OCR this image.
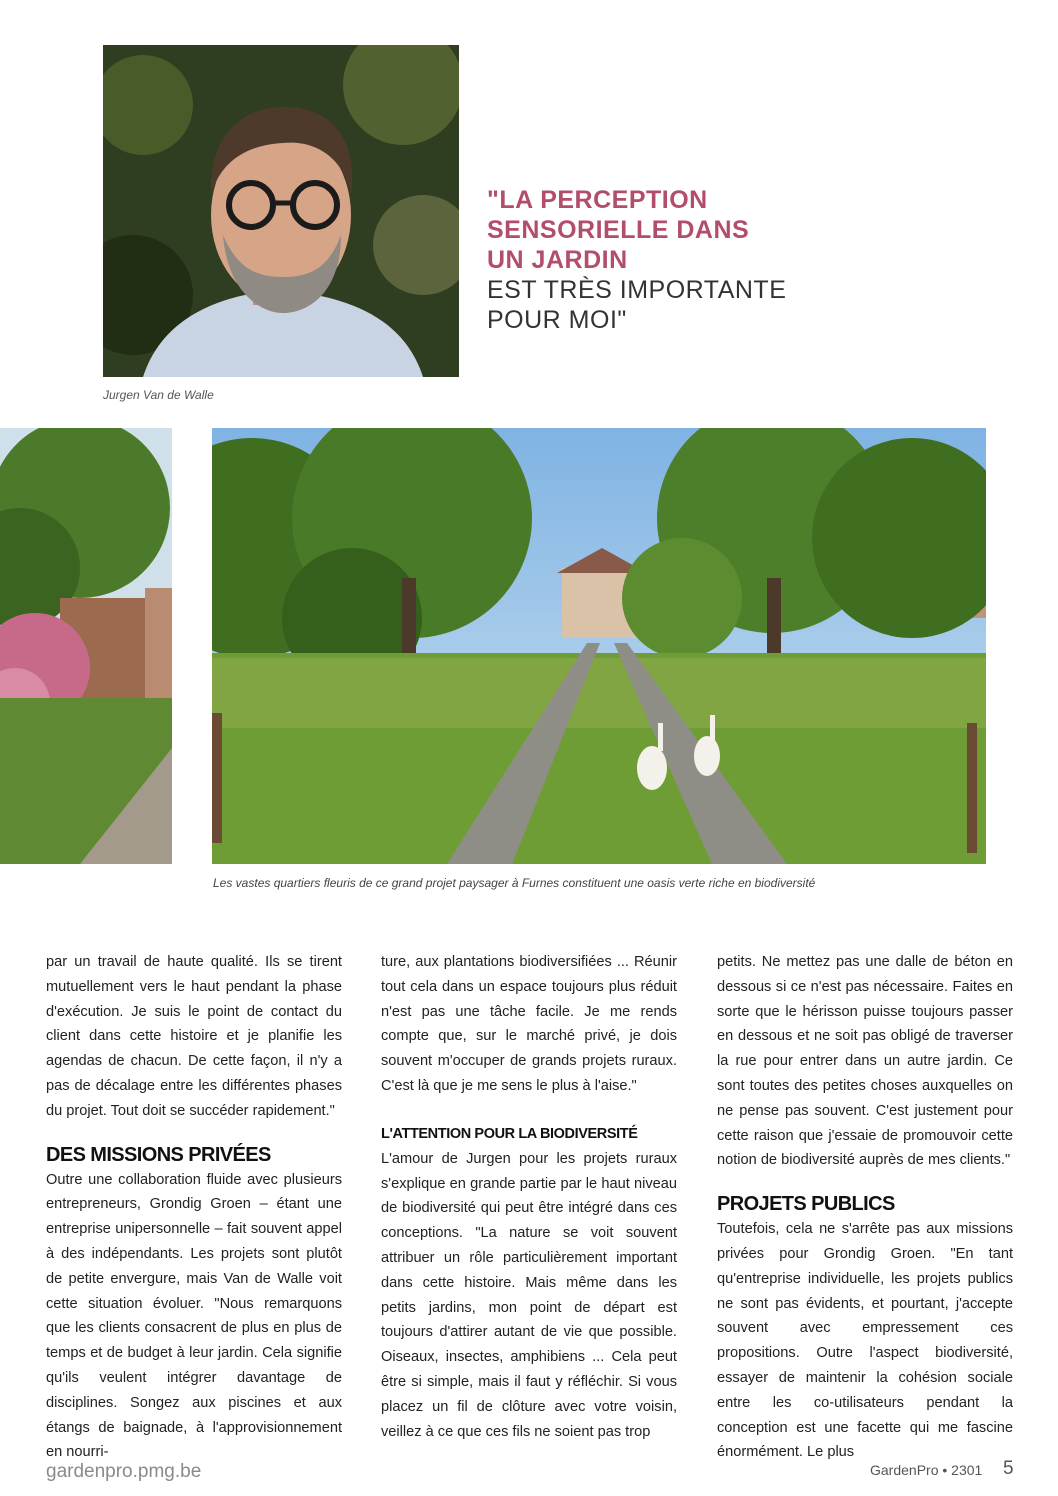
Jurgen Van de Walle
"LA PERCEPTION
SENSORIELLE DANS
UN JARDIN
EST TRÈS IMPORTANTE
POUR MOI"
Les vastes quartiers fleuris de ce grand projet paysager à Furnes constituent une oasis verte riche en biodiversité

par un travail de haute qualité. Ils se tirent mutuellement vers le haut pendant la phase d'exécution. Je suis le point de contact du client dans cette histoire et je planifie les agendas de chacun. De cette façon, il n'y a pas de décalage entre les différentes phases du projet. Tout doit se succéder rapidement."

DES MISSIONS PRIVÉES

Outre une collaboration fluide avec plusieurs entrepreneurs, Grondig Groen – étant une entreprise unipersonnelle – fait souvent appel à des indépendants. Les projets sont plutôt de petite envergure, mais Van de Walle voit cette situation évoluer. "Nous remarquons que les clients consacrent de plus en plus de temps et de budget à leur jardin. Cela signifie qu'ils veulent intégrer davantage de disciplines. Songez aux piscines et aux étangs de baignade, à l'approvisionnement en nourri-

ture, aux plantations biodiversifiées ... Réunir tout cela dans un espace toujours plus réduit n'est pas une tâche facile. Je me rends compte que, sur le marché privé, je dois souvent m'occuper de grands projets ruraux. C'est là que je me sens le plus à l'aise."

L'ATTENTION POUR LA BIODIVERSITÉ

L'amour de Jurgen pour les projets ruraux s'explique en grande partie par le haut niveau de biodiversité qui peut être intégré dans ces conceptions. "La nature se voit souvent attribuer un rôle particulièrement important dans cette histoire. Mais même dans les petits jardins, mon point de départ est toujours d'attirer autant de vie que possible. Oiseaux, insectes, amphibiens ... Cela peut être si simple, mais il faut y réfléchir. Si vous placez un fil de clôture avec votre voisin, veillez à ce que ces fils ne soient pas trop

petits. Ne mettez pas une dalle de béton en dessous si ce n'est pas nécessaire. Faites en sorte que le hérisson puisse toujours passer en dessous et ne soit pas obligé de traverser la rue pour entrer dans un autre jardin. Ce sont toutes des petites choses auxquelles on ne pense pas souvent. C'est justement pour cette raison que j'essaie de promouvoir cette notion de biodiversité auprès de mes clients."

PROJETS PUBLICS

Toutefois, cela ne s'arrête pas aux missions privées pour Grondig Groen. "En tant qu'entreprise individuelle, les projets publics ne sont pas évidents, et pourtant, j'accepte souvent avec empressement ces propositions. Outre l'aspect biodiversité, essayer de maintenir la cohésion sociale entre les co-utilisateurs pendant la conception est une facette qui me fascine énormément. Le plus

gardenpro.pmg.be	GardenPro • 2301 5
